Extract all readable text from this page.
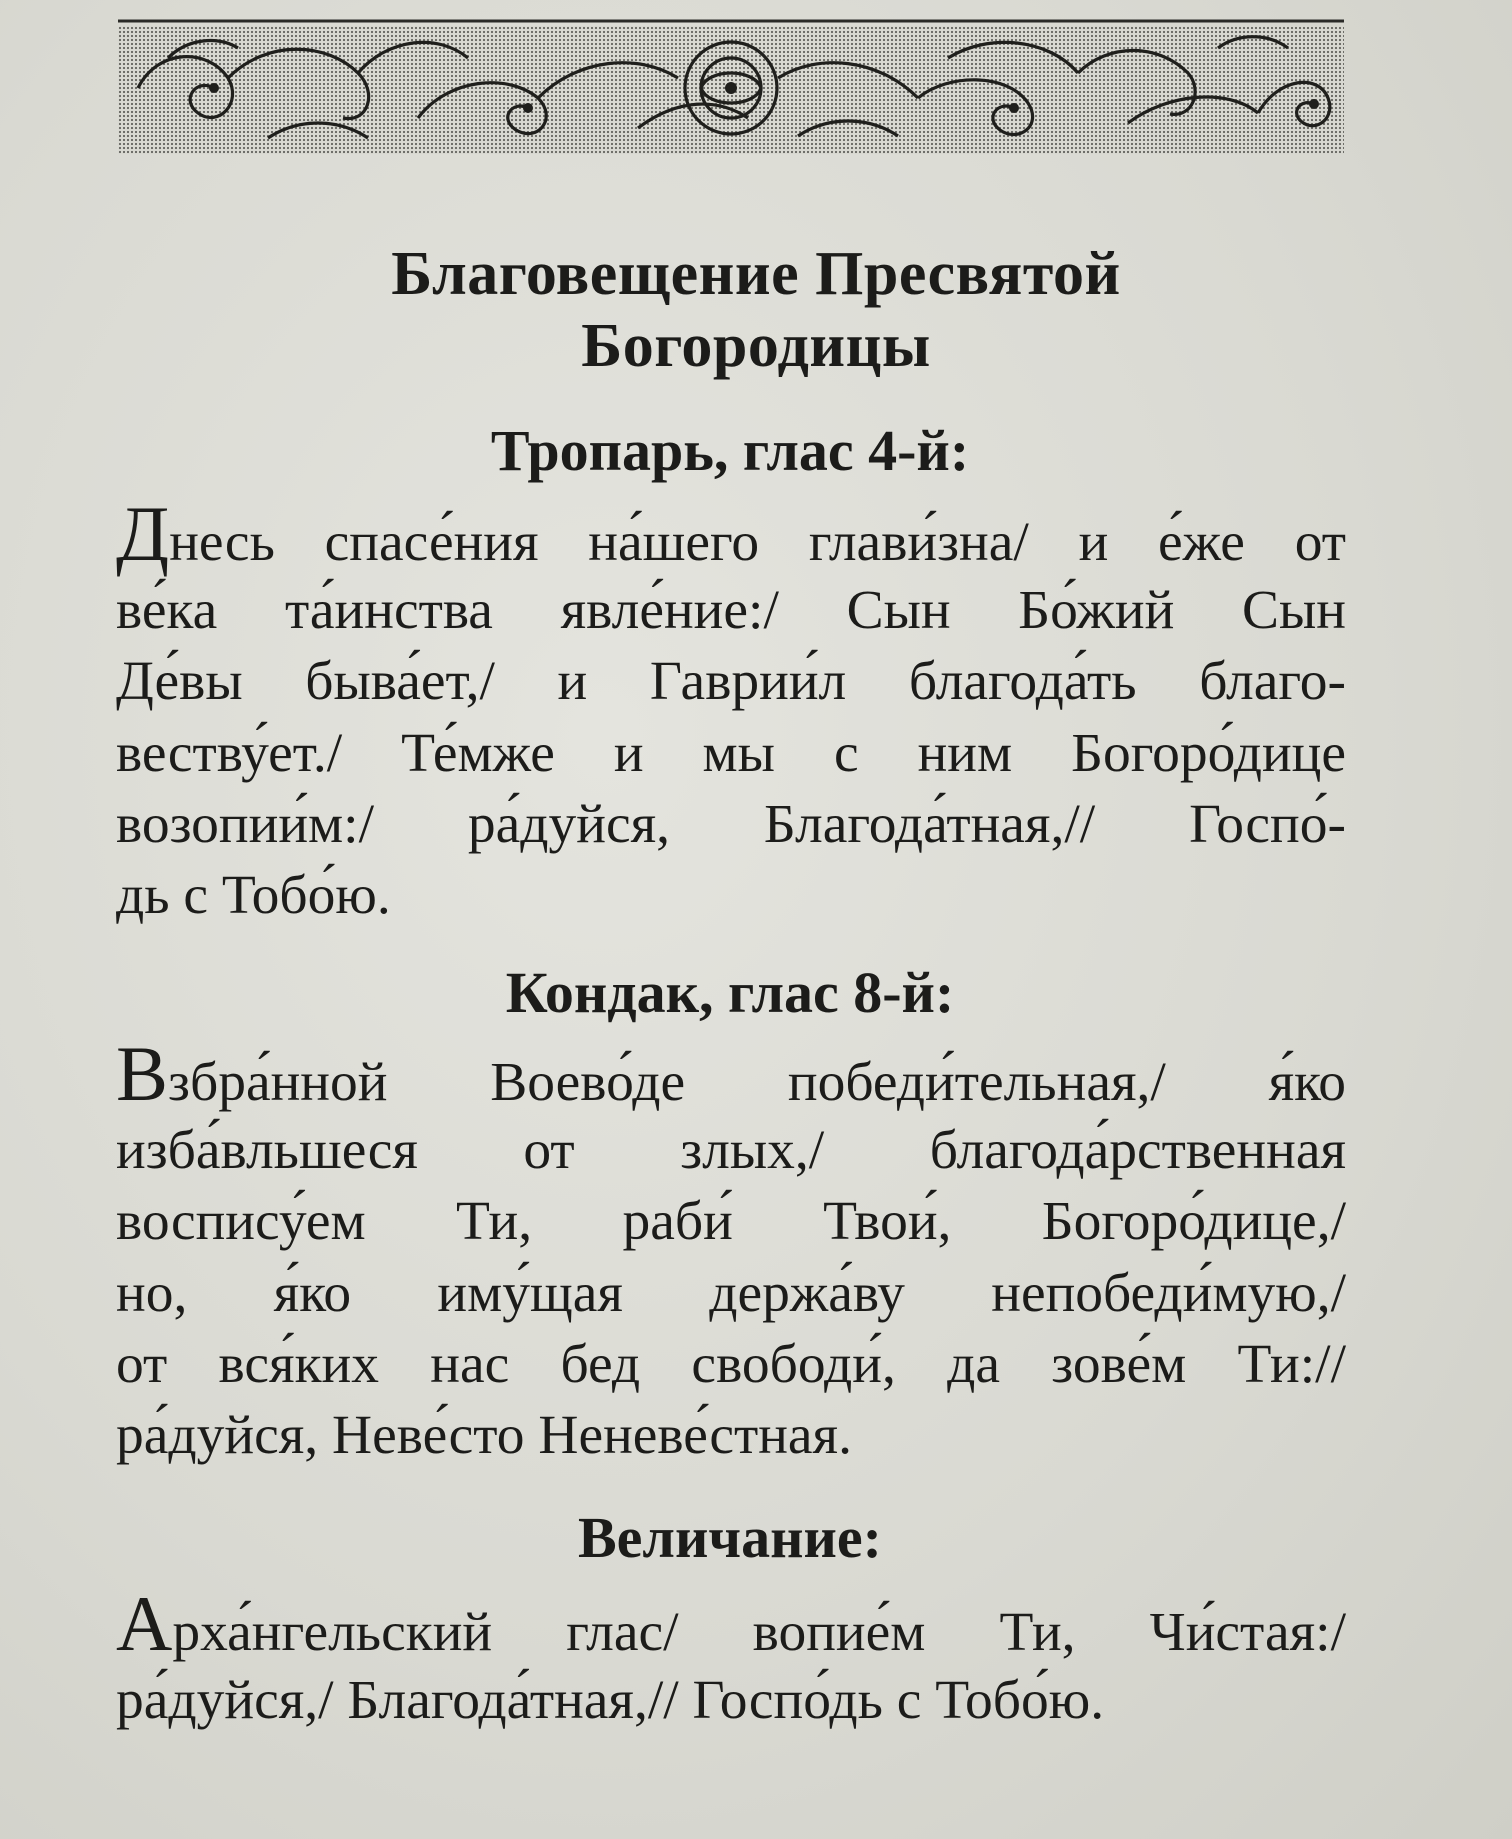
Благовещение Пресвятой
Богородицы
Тропарь, глас 4-й:
Днесь спасе́ния на́шего глави́зна/ и е́же от
ве́ка та́инства явле́ние:/ Сын Бо́жий Сын
Де́вы быва́ет,/ и Гаврии́л благода́ть благо-
веству́ет./ Те́мже и мы с ним Богоро́дице
возопии́м:/ ра́дуйся, Благода́тная,// Госпо́-
дь с Тобо́ю.
Кондак, глас 8-й:
Взбра́нной Воево́де победи́тельная,/ я́ко
изба́вльшеся от злых,/ благода́рственная
воспису́ем Ти, раби́ Твои́, Богоро́дице,/
но, я́ко иму́щая держа́ву непобеди́мую,/
от вся́ких нас бед свободи́, да зове́м Ти://
ра́дуйся, Неве́сто Неневе́стная.
Величание:
Арха́нгельский глас/ вопие́м Ти, Чи́стая:/
ра́дуйся,/ Благода́тная,// Госпо́дь с Тобо́ю.
